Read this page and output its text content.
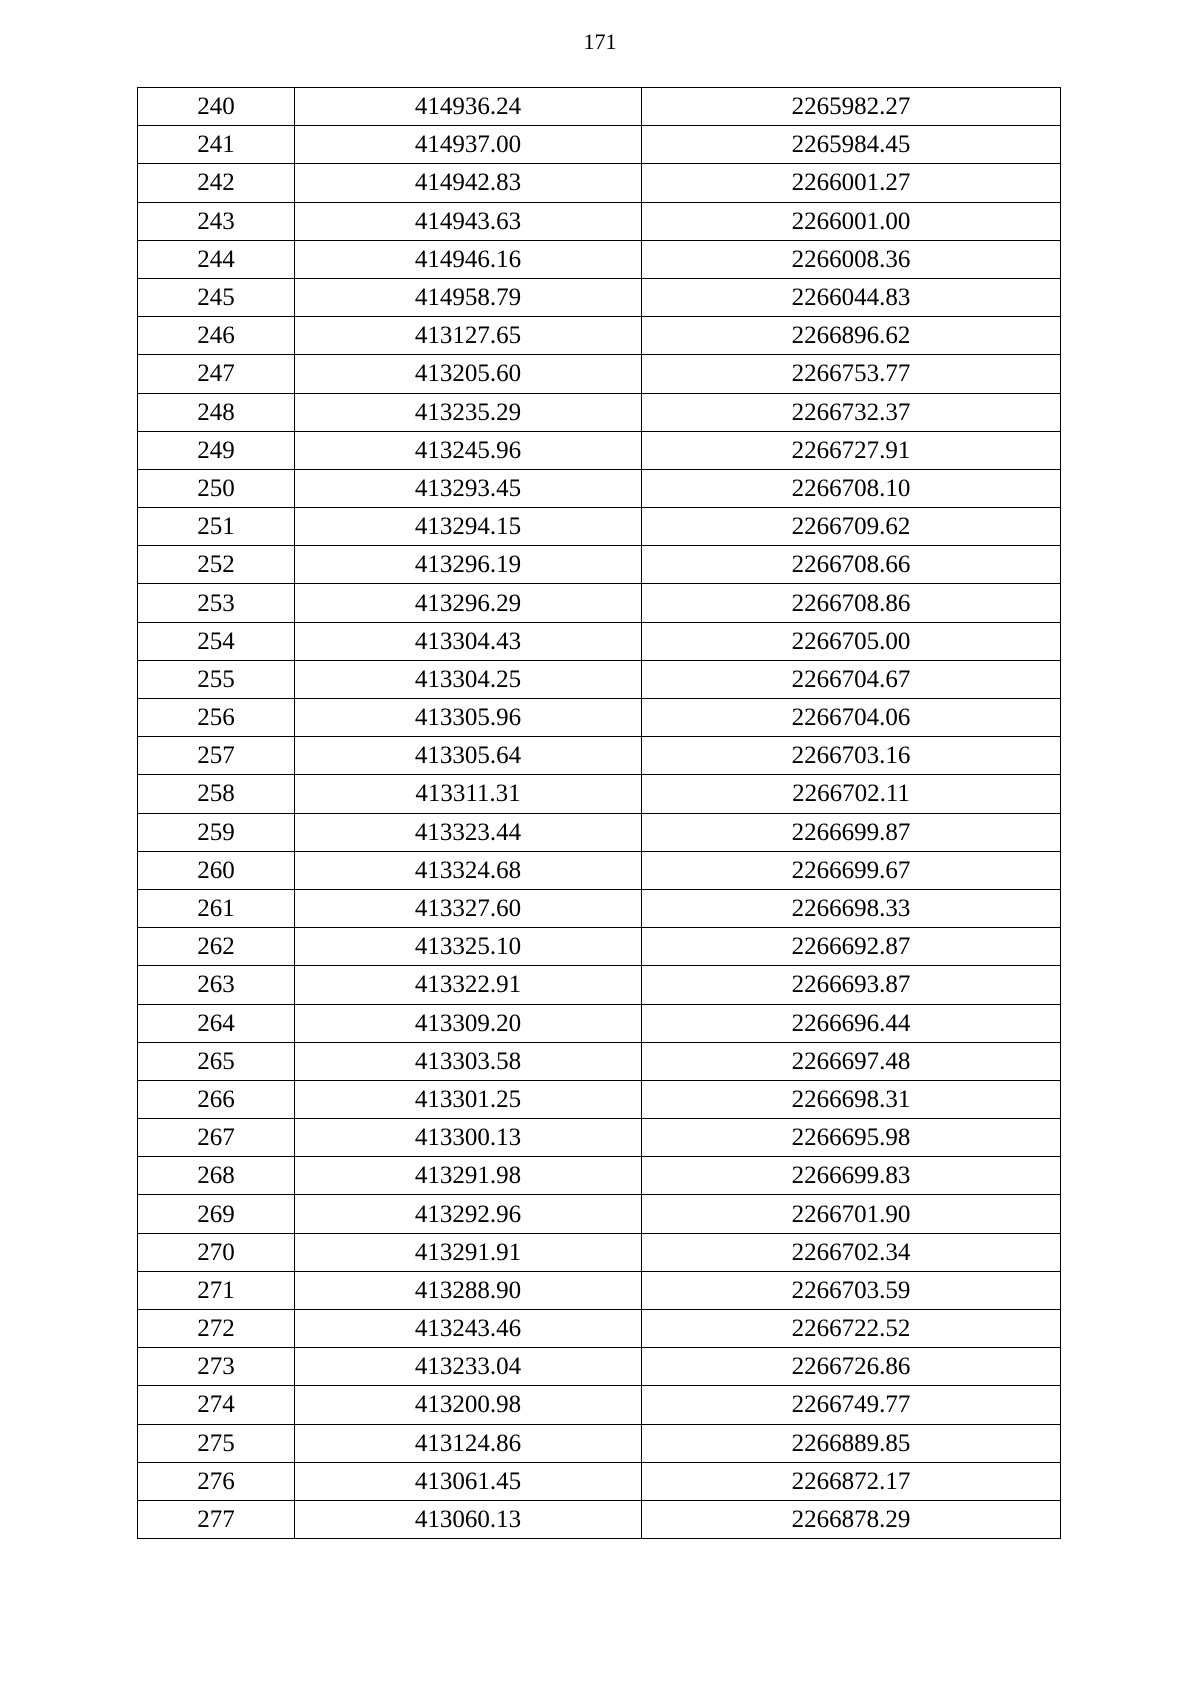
171
240	414936.24	2265982.27
241	414937.00	2265984.45
242	414942.83	2266001.27
243	414943.63	2266001.00
244	414946.16	2266008.36
245	414958.79	2266044.83
246	413127.65	2266896.62
247	413205.60	2266753.77
248	413235.29	2266732.37
249	413245.96	2266727.91
250	413293.45	2266708.10
251	413294.15	2266709.62
252	413296.19	2266708.66
253	413296.29	2266708.86
254	413304.43	2266705.00
255	413304.25	2266704.67
256	413305.96	2266704.06
257	413305.64	2266703.16
258	413311.31	2266702.11
259	413323.44	2266699.87
260	413324.68	2266699.67
261	413327.60	2266698.33
262	413325.10	2266692.87
263	413322.91	2266693.87
264	413309.20	2266696.44
265	413303.58	2266697.48
266	413301.25	2266698.31
267	413300.13	2266695.98
268	413291.98	2266699.83
269	413292.96	2266701.90
270	413291.91	2266702.34
271	413288.90	2266703.59
272	413243.46	2266722.52
273	413233.04	2266726.86
274	413200.98	2266749.77
275	413124.86	2266889.85
276	413061.45	2266872.17
277	413060.13	2266878.29
